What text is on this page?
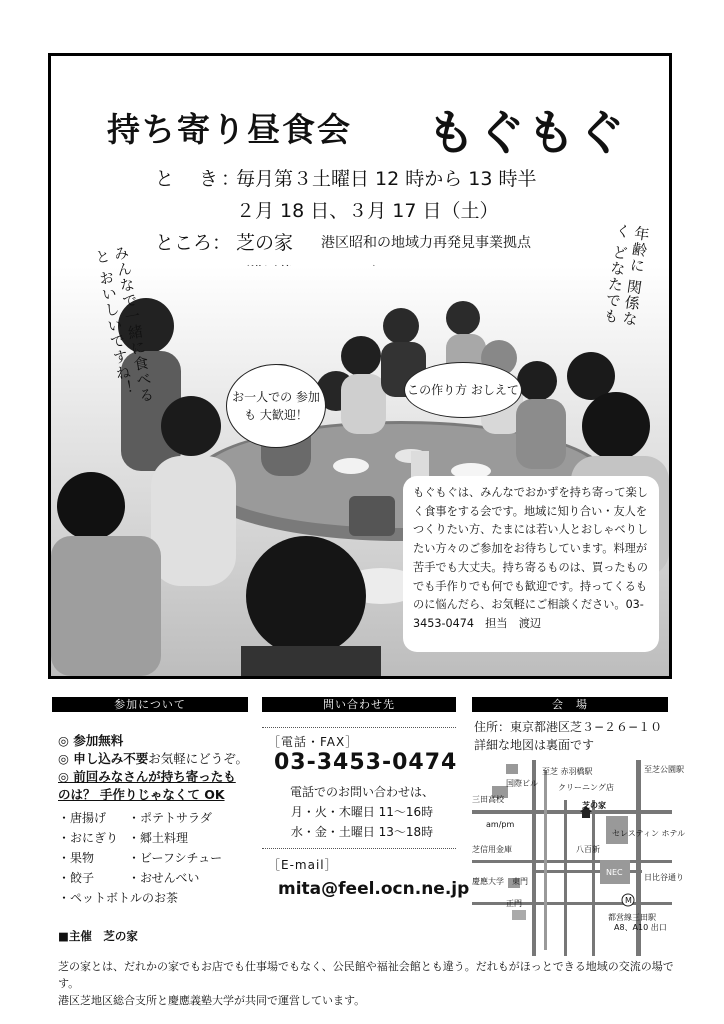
持ち寄り昼食会 もぐもぐ
と　き：
毎月第３土曜日 12 時から 13 時半
２月 18 日、３月 17 日（土）
ところ： 芝の家 港区昭和の地域力再発見事業拠点
みんなで一緒に食べると おいしいですね！	年齢に 関係なく どなたでも
お一人での 参加も 大歓迎！
この作り方 おしえて
もぐもぐは、みんなでおかずを持ち寄って楽しく食事をする会です。地域に知り合い・友人をつくりたい方、たまには若い人とおしゃべりしたい方々のご参加をお待ちしています。料理が苦手でも大丈夫。持ち寄るものは、買ったものでも手作りでも何でも歓迎です。持ってくるものに悩んだら、お気軽にご相談ください。03-3453-0474　担当　渡辺
参加について	問い合わせ先	会　場
◎ 参加無料
◎ 申し込み不要お気軽にどうぞ。
◎ 前回みなさんが持ち寄ったも
のは？ 手作りじゃなくて OK
・唐揚げ	・ポテトサラダ
・おにぎり ・郷土料理
・果物	・ビーフシチュー
・餃子	・おせんべい
・ペットボトルのお茶
■主催　芝の家
［電話・FAX］
03-3453-0474
電話でのお問い合わせは、
月・火・木曜日 11～16時
水・金・土曜日 13～18時
［E-mail］
mita@feel.ocn.ne.jp
住所：東京都港区芝３−２６−１０
詳細な地図は裏面です
三田高校
国際ビル
至芝 赤羽橋駅
クリーニング店
至芝公園駅
芝の家
am/pm
セレスティン ホテル
芝信用金庫	八百新
慶應大学　東門
NEC
日比谷通り
正門	M
都営線三田駅
A8、A10 出口
芝の家とは、だれかの家でもお店でも仕事場でもなく、公民館や福祉会館とも違う。だれもがほっとできる地域の交流の場です。
港区芝地区総合支所と慶應義塾大学が共同で運営しています。
